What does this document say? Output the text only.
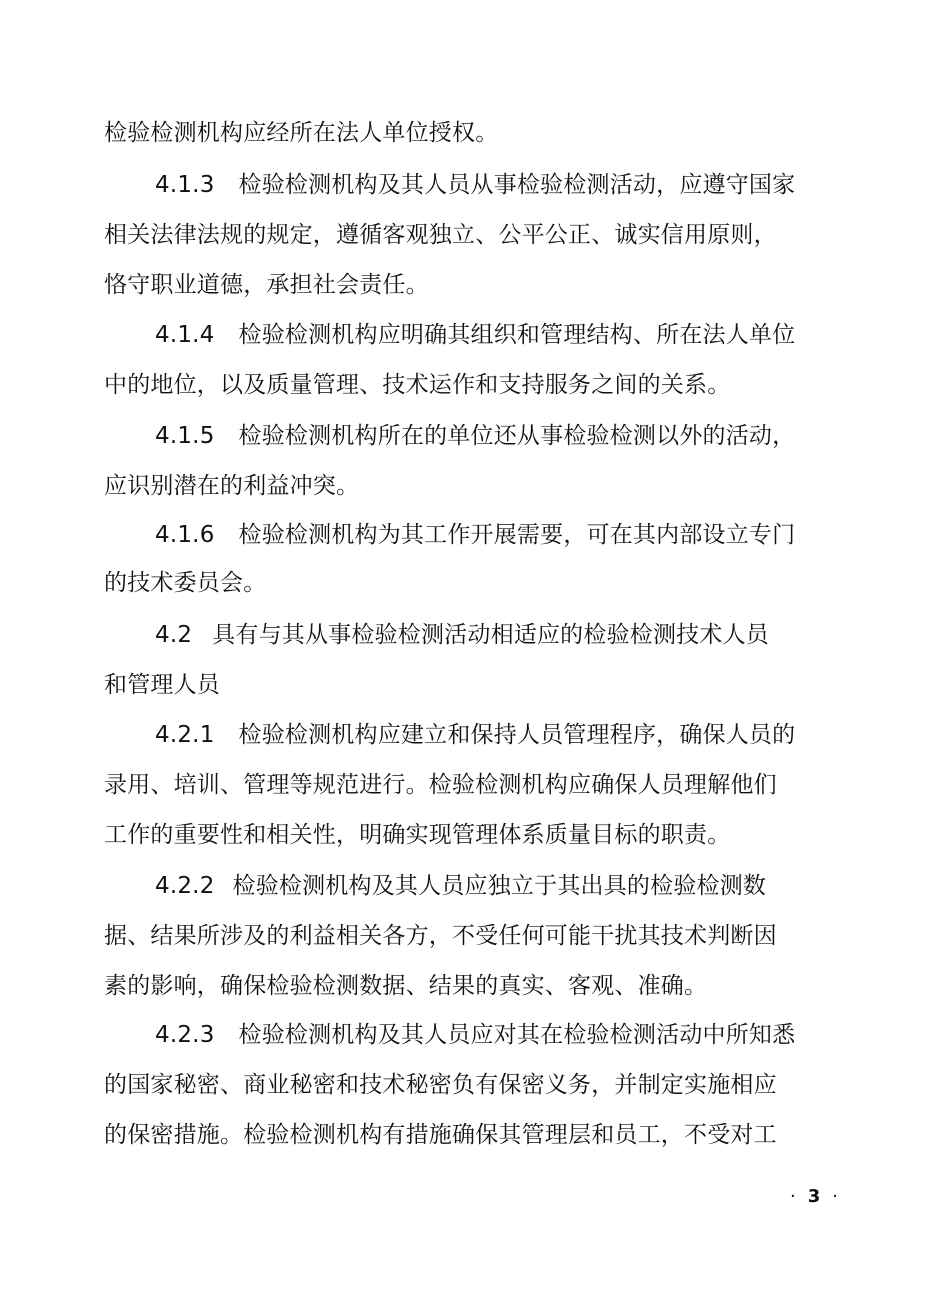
检验检测机构应经所在法人单位授权。
4.1.3 检验检测机构及其人员从事检验检测活动，应遵守国家
相关法律法规的规定，遵循客观独立、公平公正、诚实信用原则，
恪守职业道德，承担社会责任。
4.1.4 检验检测机构应明确其组织和管理结构、所在法人单位
中的地位，以及质量管理、技术运作和支持服务之间的关系。
4.1.5 检验检测机构所在的单位还从事检验检测以外的活动，
应识别潜在的利益冲突。
4.1.6 检验检测机构为其工作开展需要，可在其内部设立专门
的技术委员会。
4.2 具有与其从事检验检测活动相适应的检验检测技术人员
和管理人员
4.2.1 检验检测机构应建立和保持人员管理程序，确保人员的
录用、培训、管理等规范进行。检验检测机构应确保人员理解他们
工作的重要性和相关性，明确实现管理体系质量目标的职责。
4.2.2 检验检测机构及其人员应独立于其出具的检验检测数
据、结果所涉及的利益相关各方，不受任何可能干扰其技术判断因
素的影响，确保检验检测数据、结果的真实、客观、准确。
4.2.3 检验检测机构及其人员应对其在检验检测活动中所知悉
的国家秘密、商业秘密和技术秘密负有保密义务，并制定实施相应
的保密措施。检验检测机构有措施确保其管理层和员工，不受对工
· 3 ·
